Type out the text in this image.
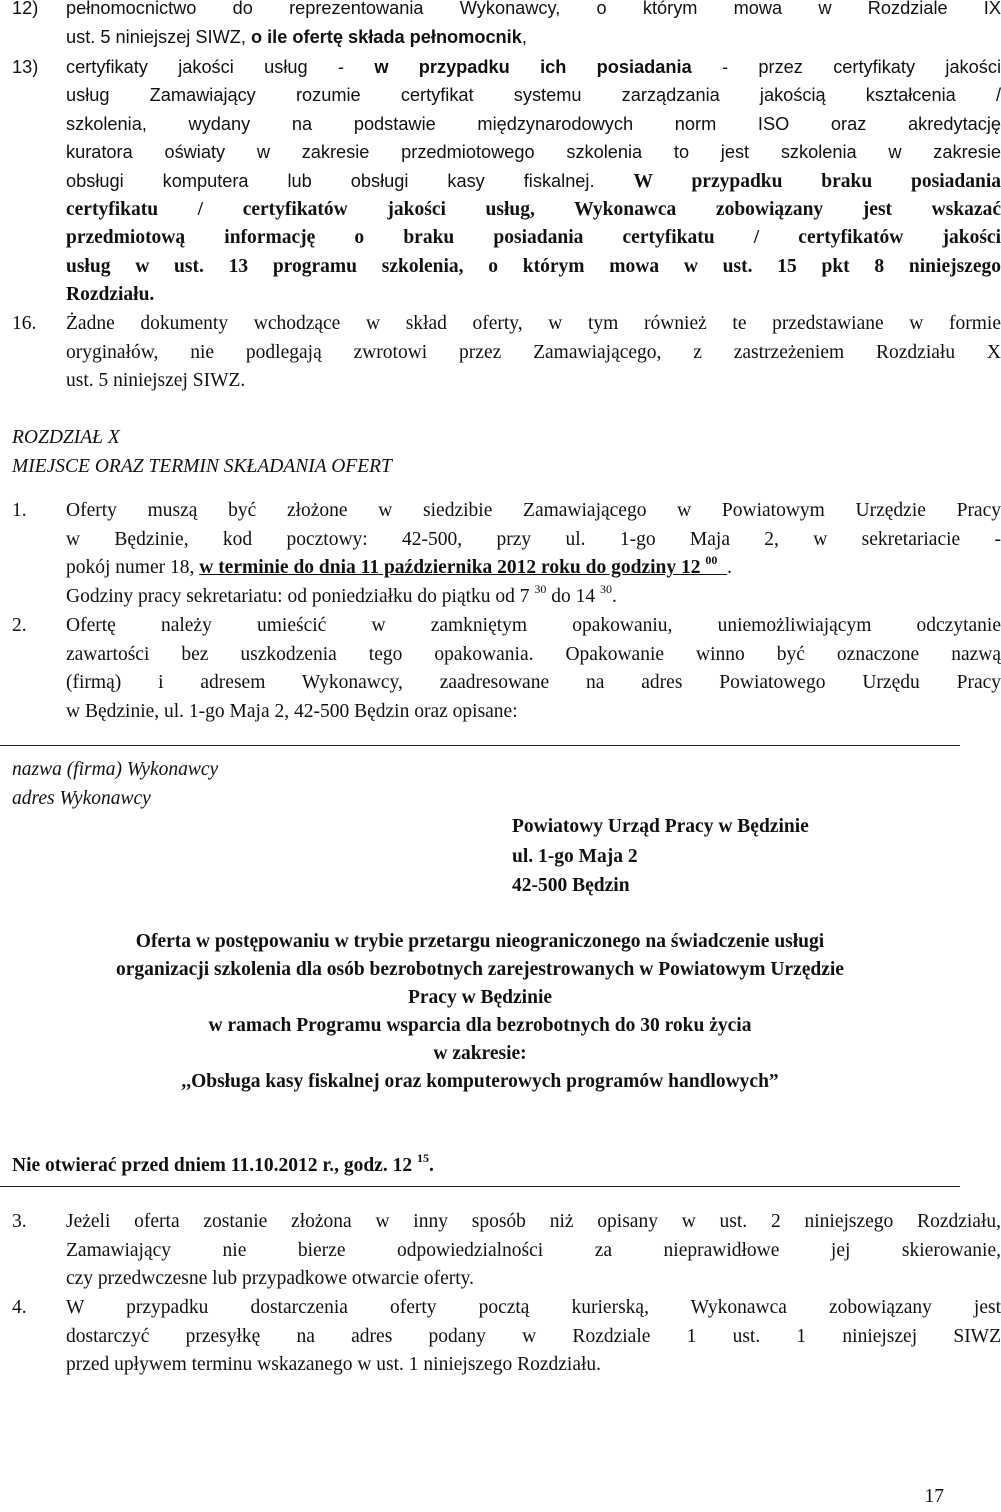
12) pełnomocnictwo do reprezentowania Wykonawcy, o którym mowa w Rozdziale IX
ust. 5 niniejszej SIWZ, o ile ofertę składa pełnomocnik,
13) certyfikaty jakości usług - w przypadku ich posiadania - przez certyfikaty jakości
usług Zamawiający rozumie certyfikat systemu zarządzania jakością kształcenia /
szkolenia, wydany na podstawie międzynarodowych norm ISO oraz akredytację
kuratora oświaty w zakresie przedmiotowego szkolenia to jest szkolenia w zakresie
obsługi komputera lub obsługi kasy fiskalnej. W przypadku braku posiadania
certyfikatu / certyfikatów jakości usług, Wykonawca zobowiązany jest wskazać
przedmiotową informację o braku posiadania certyfikatu / certyfikatów jakości
usług w ust. 13 programu szkolenia, o którym mowa w ust. 15 pkt 8 niniejszego
Rozdziału.
16. Żadne dokumenty wchodzące w skład oferty, w tym również te przedstawiane w formie
oryginałów, nie podlegają zwrotowi przez Zamawiającego, z zastrzeżeniem Rozdziału X
ust. 5 niniejszej SIWZ.
ROZDZIAŁ X
MIEJSCE ORAZ TERMIN SKŁADANIA OFERT
1. Oferty muszą być złożone w siedzibie Zamawiającego w Powiatowym Urzędzie Pracy
w Będzinie, kod pocztowy: 42-500, przy ul. 1-go Maja 2, w sekretariacie -
pokój numer 18, w terminie do dnia 11 października 2012 roku do godziny 12 $^{00}$ .
Godziny pracy sekretariatu: od poniedziałku do piątku od 7 $^{30}$ do 14 $^{30}$.
2. Ofertę należy umieścić w zamkniętym opakowaniu, uniemożliwiającym odczytanie
zawartości bez uszkodzenia tego opakowania. Opakowanie winno być oznaczone nazwą
(firmą) i adresem Wykonawcy, zaadresowane na adres Powiatowego Urzędu Pracy
w Będzinie, ul. 1-go Maja 2, 42-500 Będzin oraz opisane:
nazwa (firma) Wykonawcy
adres Wykonawcy
Powiatowy Urząd Pracy w Będzinie
ul. 1-go Maja 2
42-500 Będzin
Oferta w postępowaniu w trybie przetargu nieograniczonego na świadczenie usługi
organizacji szkolenia dla osób bezrobotnych zarejestrowanych w Powiatowym Urzędzie
Pracy w Będzinie
w ramach Programu wsparcia dla bezrobotnych do 30 roku życia
w zakresie:
,,Obsługa kasy fiskalnej oraz komputerowych programów handlowych”
Nie otwierać przed dniem 11.10.2012 r., godz. 12 $^{15}$.
3. Jeżeli oferta zostanie złożona w inny sposób niż opisany w ust. 2 niniejszego Rozdziału,
Zamawiający nie bierze odpowiedzialności za nieprawidłowe jej skierowanie,
czy przedwczesne lub przypadkowe otwarcie oferty.
4. W przypadku dostarczenia oferty pocztą kurierską, Wykonawca zobowiązany jest
dostarczyć przesyłkę na adres podany w Rozdziale 1 ust. 1 niniejszej SIWZ
przed upływem terminu wskazanego w ust. 1 niniejszego Rozdziału.
17
